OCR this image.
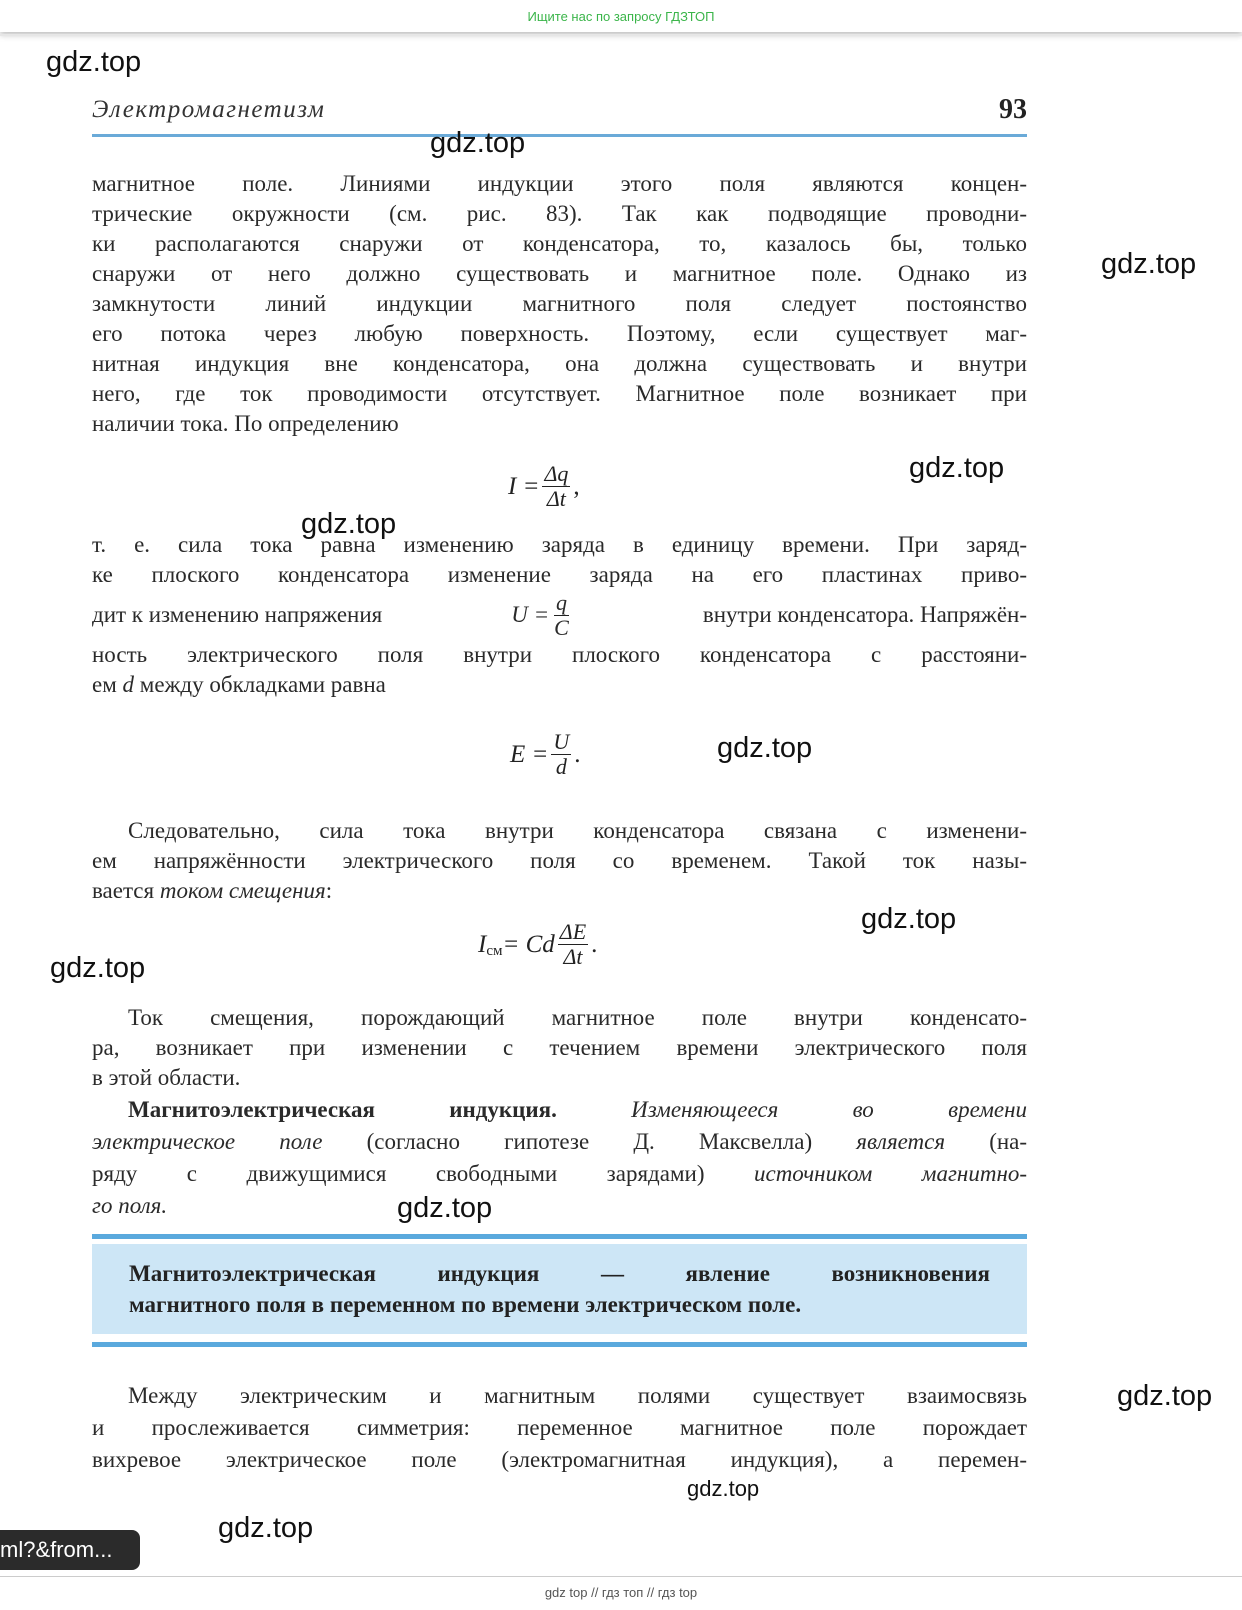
Ищите нас по запросу ГДЗТОП
Электромагнетизм	93

магнитное поле. Линиями индукции этого поля являются концен-
трические окружности (см. рис. 83). Так как подводящие проводни-
ки располагаются снаружи от конденсатора, то, казалось бы, только
снаружи от него должно существовать и магнитное поле. Однако из
замкнутости линий индукции магнитного поля следует постоянство
его потока через любую поверхность. Поэтому, если существует маг-
нитная индукция вне конденсатора, она должна существовать и внутри
него, где ток проводимости отсутствует. Магнитное поле возникает при
наличии тока. По определению

$I = \frac{\Delta q}{\Delta t}$ ,
т. е. сила тока равна изменению заряда в единицу времени. При заряд-
ке плоского конденсатора изменение заряда на его пластинах приво-
дит к изменению напряжения	$U = \frac{q}{C}$	внутри конденсатора. Напряжён-
ность электрического поля внутри плоского конденсатора с расстояни-
ем d между обкладками равна
$E = \frac{U}{d}$ .
Следовательно, сила тока внутри конденсатора связана с изменени-
ем напряжённости электрического поля со временем. Такой ток назы-
вается током смещения:
$I_{см} = Cd \frac{\Delta E}{\Delta t}$ .

Ток смещения, порождающий магнитное поле внутри конденсато-
ра, возникает при изменении с течением времени электрического поля
в этой области.

Магнитоэлектрическая индукция.	Изменяющееся во времени
электрическое поле (согласно гипотезе Д. Максвелла) является (на-
ряду с движущимися свободными зарядами) источником магнитно-
го поля.
Магнитоэлектрическая индукция — явление возникновения
магнитного поля в переменном по времени электрическом поле.

Между электрическим и магнитным полями существует взаимосвязь
и прослеживается симметрия: переменное магнитное поле порождает
вихревое электрическое поле (электромагнитная индукция), а перемен-

gdz.top
gdz.top
gdz.top
gdz.top
gdz.top
gdz.top
gdz.top
gdz.top
gdz.top
gdz.top
gdz.top
gdz.top
ml?&from...
gdz top // гдз топ // гдз top
